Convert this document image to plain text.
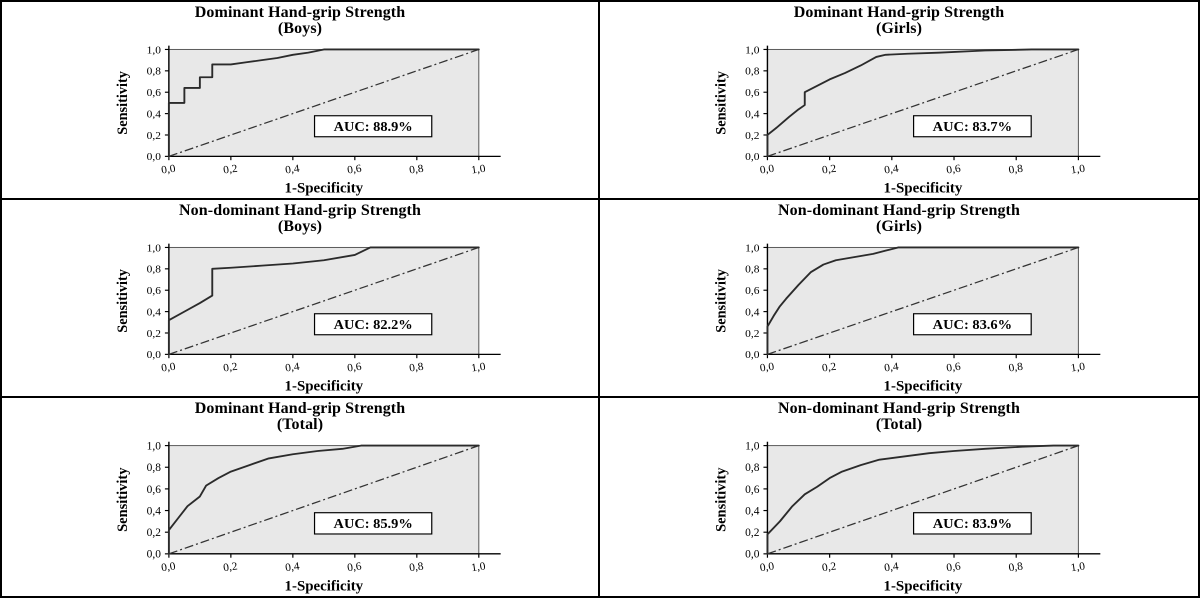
Dominant Hand-grip Strength
(Boys)
0,0
0,0
0,2
0,2
0,4
0,4
0,6
0,6
0,8
0,8
1,0
1,0
1-Specificity
Sensitivity	AUC: 88.9%
Dominant Hand-grip Strength
(Girls)
0,0
0,0
0,2
0,2
0,4
0,4
0,6
0,6
0,8
0,8
1,0
1,0
1-Specificity
Sensitivity	AUC: 83.7%
Non-dominant Hand-grip Strength
(Boys)
0,0
0,0
0,2
0,2
0,4
0,4
0,6
0,6
0,8
0,8
1,0
1,0
1-Specificity
Sensitivity	AUC: 82.2%
Non-dominant Hand-grip Strength
(Girls)
0,0
0,0
0,2
0,2
0,4
0,4
0,6
0,6
0,8
0,8
1,0
1,0
1-Specificity
Sensitivity	AUC: 83.6%
Dominant Hand-grip Strength
(Total)
0,0
0,0
0,2
0,2
0,4
0,4
0,6
0,6
0,8
0,8
1,0
1,0
1-Specificity
Sensitivity	AUC: 85.9%
Non-dominant Hand-grip Strength
(Total)
0,0
0,0
0,2
0,2
0,4
0,4
0,6
0,6
0,8
0,8
1,0
1,0
1-Specificity
Sensitivity	AUC: 83.9%
